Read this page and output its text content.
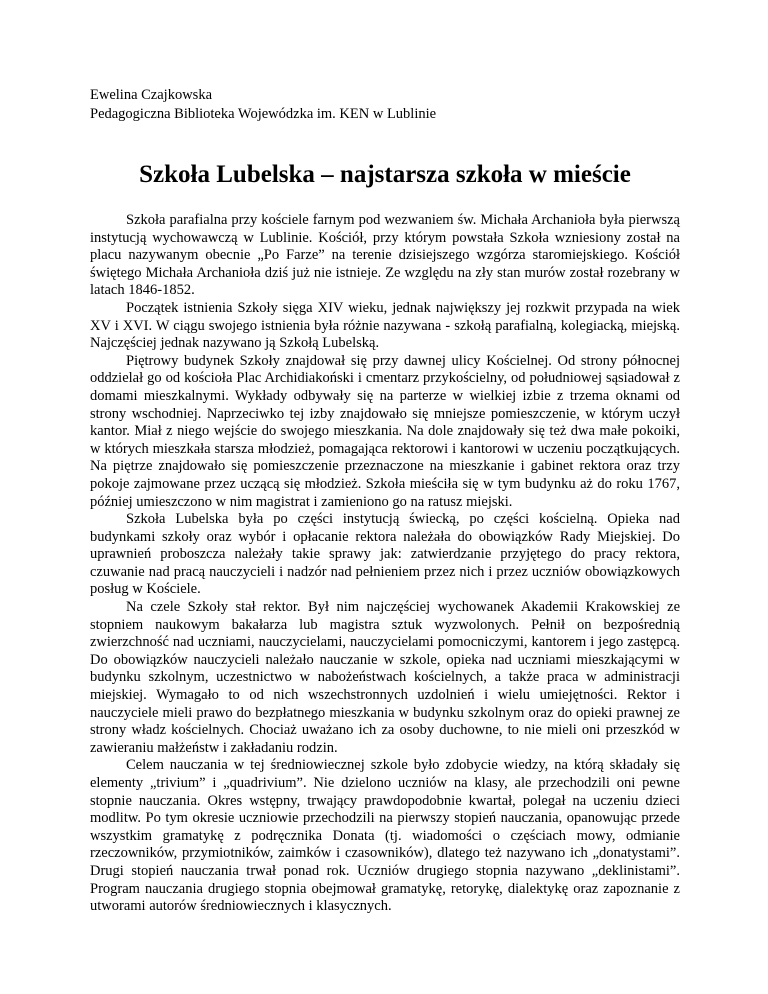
Ewelina Czajkowska
Pedagogiczna Biblioteka Wojewódzka im. KEN w Lublinie
Szkoła Lubelska – najstarsza szkoła w mieście

Szkoła parafialna przy kościele farnym pod wezwaniem św. Michała Archanioła była pierwszą instytucją wychowawczą w Lublinie. Kościół, przy którym powstała Szkoła wzniesiony został na placu nazywanym obecnie „Po Farze” na terenie dzisiejszego wzgórza staromiejskiego. Kościół świętego Michała Archanioła dziś już nie istnieje. Ze względu na zły stan murów został rozebrany w latach 1846-1852.

Początek istnienia Szkoły sięga XIV wieku, jednak największy jej rozkwit przypada na wiek XV i XVI. W ciągu swojego istnienia była różnie nazywana - szkołą parafialną, kolegiacką, miejską. Najczęściej jednak nazywano ją Szkołą Lubelską.

Piętrowy budynek Szkoły znajdował się przy dawnej ulicy Kościelnej. Od strony północnej oddzielał go od kościoła Plac Archidiakoński i cmentarz przykościelny, od południowej sąsiadował z domami mieszkalnymi. Wykłady odbywały się na parterze w wielkiej izbie z trzema oknami od strony wschodniej. Naprzeciwko tej izby znajdowało się mniejsze pomieszczenie, w którym uczył kantor. Miał z niego wejście do swojego mieszkania. Na dole znajdowały się też dwa małe pokoiki, w których mieszkała starsza młodzież, pomagająca rektorowi i kantorowi w uczeniu początkujących. Na piętrze znajdowało się pomieszczenie przeznaczone na mieszkanie i gabinet rektora oraz trzy pokoje zajmowane przez uczącą się młodzież. Szkoła mieściła się w tym budynku aż do roku 1767, później umieszczono w nim magistrat i zamieniono go na ratusz miejski.

Szkoła Lubelska była po części instytucją świecką, po części kościelną. Opieka nad budynkami szkoły oraz wybór i opłacanie rektora należała do obowiązków Rady Miejskiej. Do uprawnień proboszcza należały takie sprawy jak: zatwierdzanie przyjętego do pracy rektora, czuwanie nad pracą nauczycieli i nadzór nad pełnieniem przez nich i przez uczniów obowiązkowych posług w Kościele.

Na czele Szkoły stał rektor. Był nim najczęściej wychowanek Akademii Krakowskiej ze stopniem naukowym bakałarza lub magistra sztuk wyzwolonych. Pełnił on bezpośrednią zwierzchność nad uczniami, nauczycielami, nauczycielami pomocniczymi, kantorem i jego zastępcą. Do obowiązków nauczycieli należało nauczanie w szkole, opieka nad uczniami mieszkającymi w budynku szkolnym, uczestnictwo w nabożeństwach kościelnych, a także praca w administracji miejskiej. Wymagało to od nich wszechstronnych uzdolnień i wielu umiejętności. Rektor i nauczyciele mieli prawo do bezpłatnego mieszkania w budynku szkolnym oraz do opieki prawnej ze strony władz kościelnych. Chociaż uważano ich za osoby duchowne, to nie mieli oni przeszkód w zawieraniu małżeństw i zakładaniu rodzin.

Celem nauczania w tej średniowiecznej szkole było zdobycie wiedzy, na którą składały się elementy „trivium” i „quadrivium”. Nie dzielono uczniów na klasy, ale przechodzili oni pewne stopnie nauczania. Okres wstępny, trwający prawdopodobnie kwartał, polegał na uczeniu dzieci modlitw. Po tym okresie uczniowie przechodzili na pierwszy stopień nauczania, opanowując przede wszystkim gramatykę z podręcznika Donata (tj. wiadomości o częściach mowy, odmianie rzeczowników, przymiotników, zaimków i czasowników), dlatego też nazywano ich „donatystami”. Drugi stopień nauczania trwał ponad rok. Uczniów drugiego stopnia nazywano „deklinistami”. Program nauczania drugiego stopnia obejmował gramatykę, retorykę, dialektykę oraz zapoznanie z utworami autorów średniowiecznych i klasycznych.
